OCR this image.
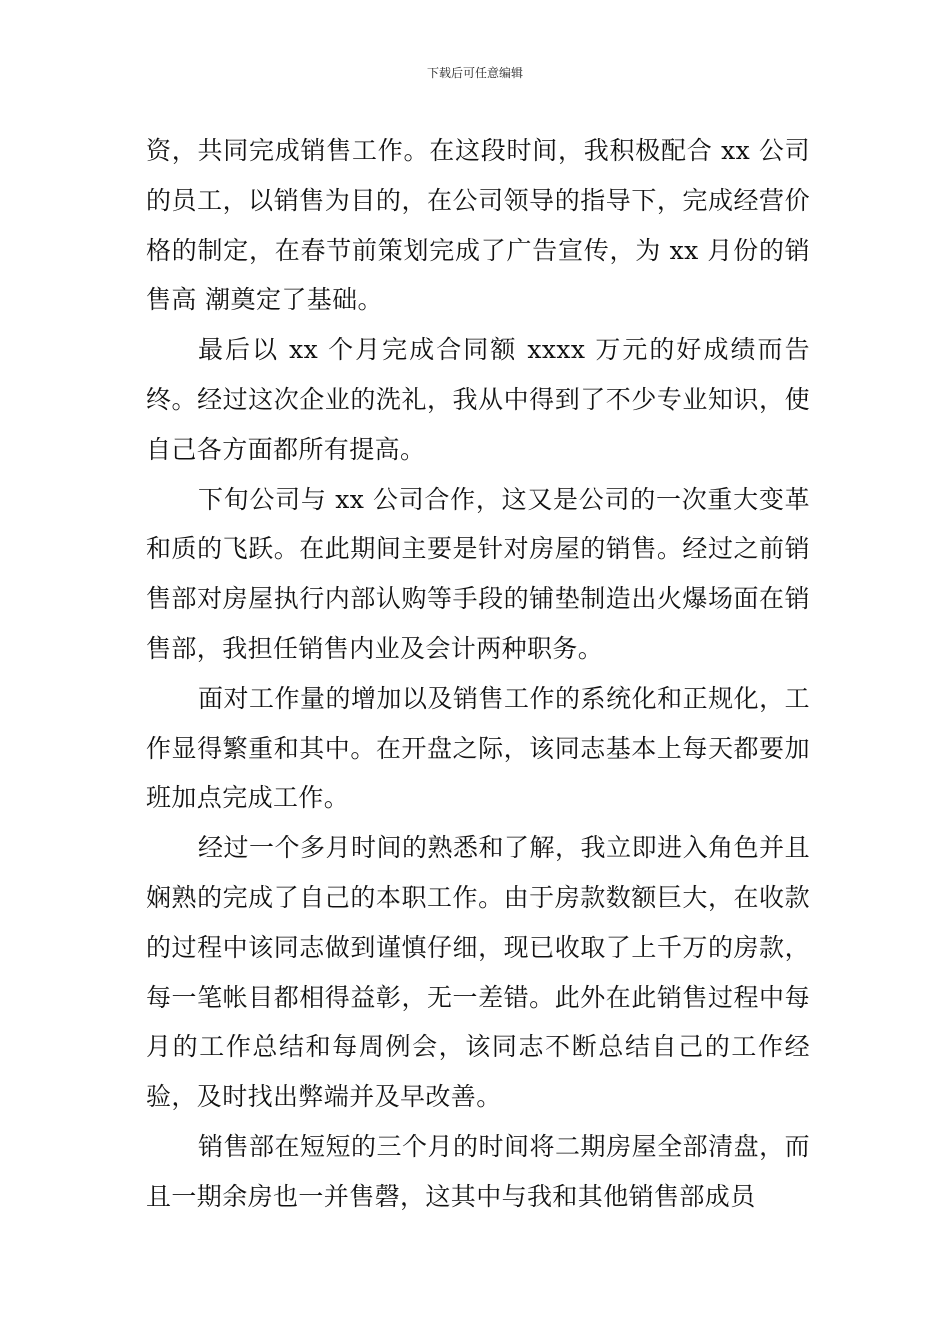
下载后可任意编辑

资，共同完成销售工作。在这段时间，我积极配合 xx 公司的员工，以销售为目的，在公司领导的指导下，完成经营价格的制定，在春节前策划完成了广告宣传，为 xx 月份的销售高 潮奠定了基础。

最后以 xx 个月完成合同额 xxxx 万元的好成绩而告终。经过这次企业的洗礼，我从中得到了不少专业知识，使自己各方面都所有提高。

下旬公司与 xx 公司合作，这又是公司的一次重大变革和质的飞跃。在此期间主要是针对房屋的销售。经过之前销售部对房屋执行内部认购等手段的铺垫制造出火爆场面在销售部，我担任销售内业及会计两种职务。

面对工作量的增加以及销售工作的系统化和正规化，工作显得繁重和其中。在开盘之际，该同志基本上每天都要加班加点完成工作。

经过一个多月时间的熟悉和了解，我立即进入角色并且娴熟的完成了自己的本职工作。由于房款数额巨大，在收款的过程中该同志做到谨慎仔细，现已收取了上千万的房款，每一笔帐目都相得益彰，无一差错。此外在此销售过程中每月的工作总结和每周例会，该同志不断总结自己的工作经验，及时找出弊端并及早改善。

销售部在短短的三个月的时间将二期房屋全部清盘，而且一期余房也一并售磬，这其中与我和其他销售部成员
